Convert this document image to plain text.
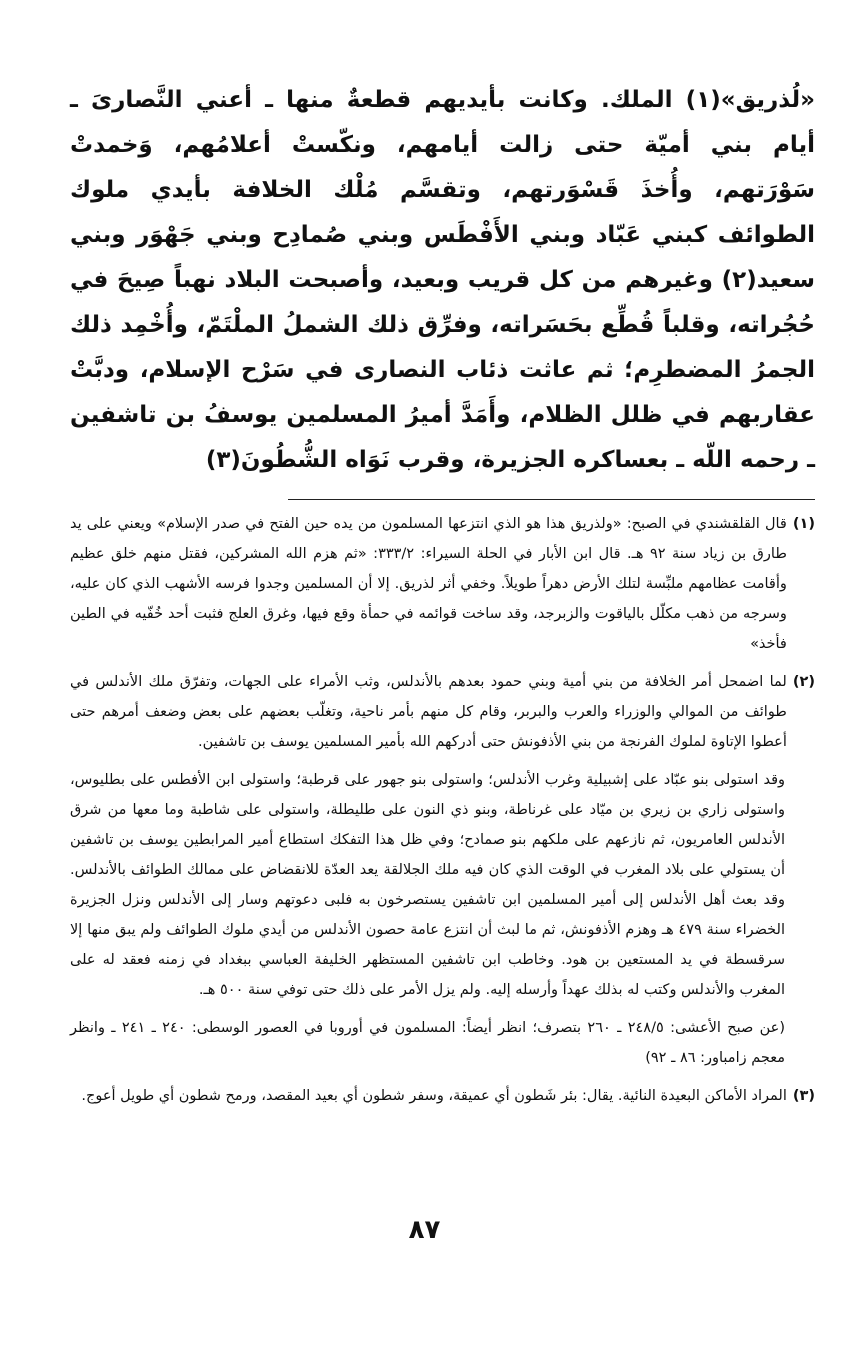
«لُذريق»(١) الملك. وكانت بأيديهم قطعةٌ منها ـ أعني النَّصارىَ ـ أيام بني أميّة حتى زالت أيامهم، ونكّستْ أعلامُهم، وَخمدتْ سَوْرَتهم، وأُخذَ قَسْوَرتهم، وتقسَّم مُلْك الخلافة بأيدي ملوك الطوائف كبني عَبّاد وبني الأَفْطَس وبني صُمادِح وبني جَهْوَر وبني سعيد(٢) وغيرهم من كل قريب وبعيد، وأصبحت البلاد نهباً صِيحَ في حُجُراته، وقلباً قُطِّع بحَسَراته، وفرِّق ذلك الشملُ الملْتَمّ، وأُخْمِد ذلك الجمرُ المضطرِم؛ ثم عاثت ذئاب النصارى في سَرْح الإسلام، ودبَّتْ عقاربهم في ظلل الظلام، وأَمَدَّ أميرُ المسلمين يوسفُ بن تاشفين ـ رحمه اللّه ـ بعساكره الجزيرة، وقرب نَوَاه الشُّطُونَ(٣)
(١)
قال القلقشندي في الصبح: «ولذريق هذا هو الذي انتزعها المسلمون من يده حين الفتح في صدر الإسلام» ويعني على يد طارق بن زياد سنة ٩٢ هـ. قال ابن الأبار في الحلة السيراء: ٣٣٣/٢: «ثم هزم الله المشركين، فقتل منهم خلق عظيم وأقامت عظامهم ملبِّسة لتلك الأرض دهراً طويلاً. وخفي أثر لذريق. إلا أن المسلمين وجدوا فرسه الأشهب الذي كان عليه، وسرجه من ذهب مكلّل بالياقوت والزبرجد، وقد ساخت قوائمه في حمأة وقع فيها، وغرق العلج فثبت أحد خُفّيه في الطين فأخذ»
(٢)
لما اضمحل أمر الخلافة من بني أمية وبني حمود بعدهم بالأندلس، وثب الأمراء على الجهات، وتفرّق ملك الأندلس في طوائف من الموالي والوزراء والعرب والبربر، وقام كل منهم بأمر ناحية، وتغلّب بعضهم على بعض وضعف أمرهم حتى أعطوا الإتاوة لملوك الفرنجة من بني الأذفونش حتى أدركهم الله بأمير المسلمين يوسف بن تاشفين.
وقد استولى بنو عبّاد على إشبيلية وغرب الأندلس؛ واستولى بنو جهور على قرطبة؛ واستولى ابن الأفطس على بطليوس، واستولى زاري بن زيري بن ميّاد على غرناطة، وبنو ذي النون على طليطلة، واستولى على شاطبة وما معها من شرق الأندلس العامريون، ثم نازعهم على ملكهم بنو صمادح؛ وفي ظل هذا التفكك استطاع أمير المرابطين يوسف بن تاشفين أن يستولي على بلاد المغرب في الوقت الذي كان فيه ملك الجلالقة يعد العدّة للانقضاض على ممالك الطوائف بالأندلس. وقد بعث أهل الأندلس إلى أمير المسلمين ابن تاشفين يستصرخون به فلبى دعوتهم وسار إلى الأندلس ونزل الجزيرة الخضراء سنة ٤٧٩ هـ وهزم الأذفونش، ثم ما لبث أن انتزع عامة حصون الأندلس من أيدي ملوك الطوائف ولم يبق منها إلا سرقسطة في يد المستعين بن هود. وخاطب ابن تاشفين المستظهر الخليفة العباسي ببغداد في زمنه فعقد له على المغرب والأندلس وكتب له بذلك عهداً وأرسله إليه. ولم يزل الأمر على ذلك حتى توفي سنة ٥٠٠ هـ.
(عن صبح الأعشى: ٢٤٨/٥ ـ ٢٦٠ بتصرف؛ انظر أيضاً: المسلمون في أوروبا في العصور الوسطى: ٢٤٠ ـ ٢٤١ ـ وانظر معجم زامباور: ٨٦ ـ ٩٢)
(٣)
المراد الأماكن البعيدة النائية. يقال: بئر شَطون أي عميقة، وسفر شطون أي بعيد المقصد، ورمح شطون أي طويل أعوج.
٨٧
